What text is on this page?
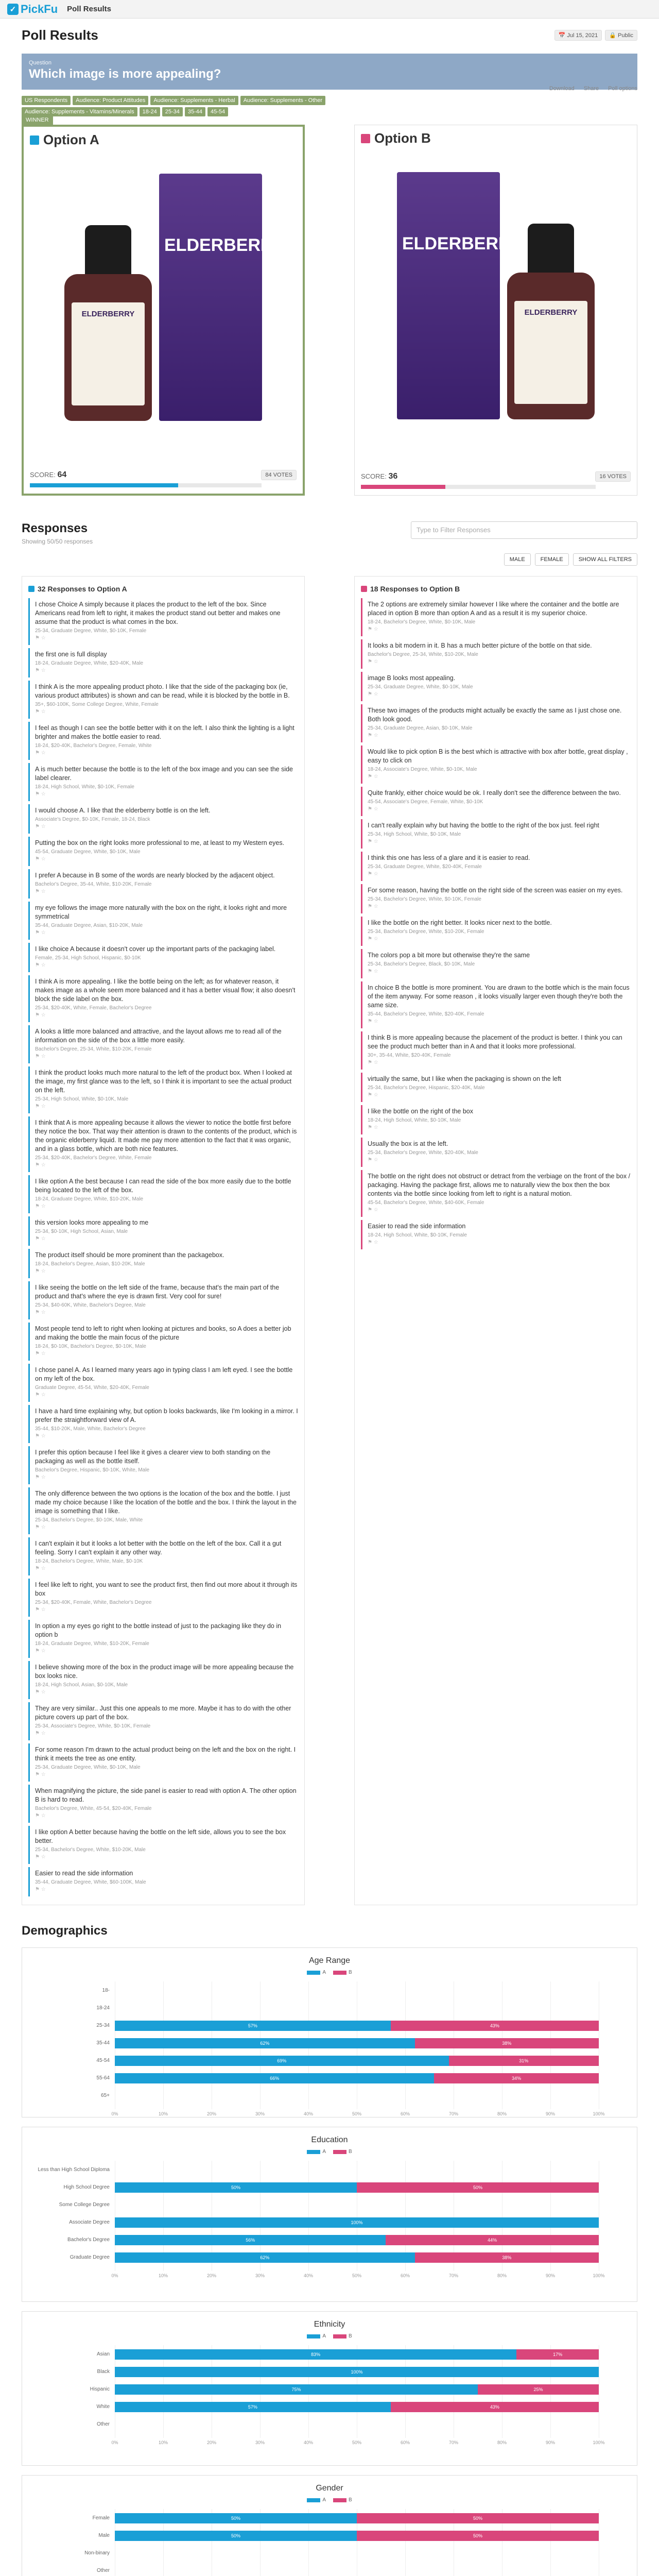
✓ PickFu Poll Results
Poll Results	📅 Jul 15, 2021	🔒 Public
Question
Which image is more appealing?
US Respondents	Audience: Product Attitudes	Audience: Supplements - Herbal	Audience: Supplements - Other
Audience: Supplements - Vitamins/Minerals	18-24	25-34	35-44	45-54
Download Share Poll options
WINNER
Option A
ELDERBERRY
ELDERBERRY
SCORE: 64	84 VOTES
Option B
ELDERBERRY
ELDERBERRY
SCORE: 36	16 VOTES
Responses
Showing 50/50 responses
Type to Filter Responses
MALE	FEMALE	SHOW ALL FILTERS
32 Responses to Option A
I chose Choice A simply because it places the product to the left of the box. Since Americans read from left to right, it makes the product stand out better and makes one assume that the product is what comes in the box.
25-34, Graduate Degree, White, $0-10K, Female
⚑ ☆
the first one is full display
18-24, Graduate Degree, White, $20-40K, Male
⚑ ☆
I think A is the more appealing product photo. I like that the side of the packaging box (ie, various product attributes) is shown and can be read, while it is blocked by the bottle in B.
35+, $60-100K, Some College Degree, White, Female
⚑ ☆
I feel as though I can see the bottle better with it on the left. I also think the lighting is a light brighter and makes the bottle easier to read.
18-24, $20-40K, Bachelor's Degree, Female, White
⚑ ☆
A is much better because the bottle is to the left of the box image and you can see the side label clearer.
18-24, High School, White, $0-10K, Female
⚑ ☆
I would choose A. I like that the elderberry bottle is on the left.
Associate's Degree, $0-10K, Female, 18-24, Black
⚑ ☆
Putting the box on the right looks more professional to me, at least to my Western eyes.
45-54, Graduate Degree, White, $0-10K, Male
⚑ ☆
I prefer A because in B some of the words are nearly blocked by the adjacent object.
Bachelor's Degree, 35-44, White, $10-20K, Female
⚑ ☆
my eye follows the image more naturally with the box on the right, it looks right and more symmetrical
35-44, Graduate Degree, Asian, $10-20K, Male
⚑ ☆
I like choice A because it doesn't cover up the important parts of the packaging label.
Female, 25-34, High School, Hispanic, $0-10K
⚑ ☆
I think A is more appealing. I like the bottle being on the left; as for whatever reason, it makes image as a whole seem more balanced and it has a better visual flow; it also doesn't block the side label on the box.
25-34, $20-40K, White, Female, Bachelor's Degree
⚑ ☆
A looks a little more balanced and attractive, and the layout allows me to read all of the information on the side of the box a little more easily.
Bachelor's Degree, 25-34, White, $10-20K, Female
⚑ ☆
I think the product looks much more natural to the left of the product box. When I looked at the image, my first glance was to the left, so I think it is important to see the actual product on the left.
25-34, High School, White, $0-10K, Male
⚑ ☆
I think that A is more appealing because it allows the viewer to notice the bottle first before they notice the box. That way their attention is drawn to the contents of the product, which is the organic elderberry liquid. It made me pay more attention to the fact that it was organic, and in a glass bottle, which are both nice features.
25-34, $20-40K, Bachelor's Degree, White, Female
⚑ ☆
I like option A the best because I can read the side of the box more easily due to the bottle being located to the left of the box.
18-24, Graduate Degree, White, $10-20K, Male
⚑ ☆
this version looks more appealing to me
25-34, $0-10K, High School, Asian, Male
⚑ ☆
The product itself should be more prominent than the packagebox.
18-24, Bachelor's Degree, Asian, $10-20K, Male
⚑ ☆
I like seeing the bottle on the left side of the frame, because that's the main part of the product and that's where the eye is drawn first. Very cool for sure!
25-34, $40-60K, White, Bachelor's Degree, Male
⚑ ☆
Most people tend to left to right when looking at pictures and books, so A does a better job and making the bottle the main focus of the picture
18-24, $0-10K, Bachelor's Degree, $0-10K, Male
⚑ ☆
I chose panel A. As I learned many years ago in typing class I am left eyed. I see the bottle on my left of the box.
Graduate Degree, 45-54, White, $20-40K, Female
⚑ ☆
I have a hard time explaining why, but option b looks backwards, like I'm looking in a mirror. I prefer the straightforward view of A.
35-44, $10-20K, Male, White, Bachelor's Degree
⚑ ☆
I prefer this option because I feel like it gives a clearer view to both standing on the packaging as well as the bottle itself.
Bachelor's Degree, Hispanic, $0-10K, White, Male
⚑ ☆
The only difference between the two options is the location of the box and the bottle. I just made my choice because I like the location of the bottle and the box. I think the layout in the image is something that I like.
25-34, Bachelor's Degree, $0-10K, Male, White
⚑ ☆
I can't explain it but it looks a lot better with the bottle on the left of the box. Call it a gut feeling. Sorry I can't explain it any other way.
18-24, Bachelor's Degree, White, Male, $0-10K
⚑ ☆
I feel like left to right, you want to see the product first, then find out more about it through its box
25-34, $20-40K, Female, White, Bachelor's Degree
⚑ ☆
In option a my eyes go right to the bottle instead of just to the packaging like they do in option b
18-24, Graduate Degree, White, $10-20K, Female
⚑ ☆
I believe showing more of the box in the product image will be more appealing because the box looks nice.
18-24, High School, Asian, $0-10K, Male
⚑ ☆
They are very similar.. Just this one appeals to me more. Maybe it has to do with the other picture covers up part of the box.
25-34, Associate's Degree, White, $0-10K, Female
⚑ ☆
For some reason I'm drawn to the actual product being on the left and the box on the right. I think it meets the tree as one entity.
25-34, Graduate Degree, White, $0-10K, Male
⚑ ☆
When magnifying the picture, the side panel is easier to read with option A. The other option B is hard to read.
Bachelor's Degree, White, 45-54, $20-40K, Female
⚑ ☆
I like option A better because having the bottle on the left side, allows you to see the box better.
25-34, Bachelor's Degree, White, $10-20K, Male
⚑ ☆
Easier to read the side information
35-44, Graduate Degree, White, $60-100K, Male
⚑ ☆
18 Responses to Option B
The 2 options are extremely similar however I like where the container and the bottle are placed in option B more than option A and as a result it is my superior choice.
18-24, Bachelor's Degree, White, $0-10K, Male
⚑ ☆
It looks a bit modern in it. B has a much better picture of the bottle on that side.
Bachelor's Degree, 25-34, White, $10-20K, Male
⚑ ☆
image B looks most appealing.
25-34, Graduate Degree, White, $0-10K, Male
⚑ ☆
These two images of the products might actually be exactly the same as I just chose one. Both look good.
25-34, Graduate Degree, Asian, $0-10K, Male
⚑ ☆
Would like to pick option B is the best which is attractive with box after bottle, great display , easy to click on
18-24, Associate's Degree, White, $0-10K, Male
⚑ ☆
Quite frankly, either choice would be ok. I really don't see the difference between the two.
45-54, Associate's Degree, Female, White, $0-10K
⚑ ☆
I can't really explain why but having the bottle to the right of the box just. feel right
25-34, High School, White, $0-10K, Male
⚑ ☆
I think this one has less of a glare and it is easier to read.
25-34, Graduate Degree, White, $20-40K, Female
⚑ ☆
For some reason, having the bottle on the right side of the screen was easier on my eyes.
25-34, Bachelor's Degree, White, $0-10K, Female
⚑ ☆
I like the bottle on the right better. It looks nicer next to the bottle.
25-34, Bachelor's Degree, White, $10-20K, Female
⚑ ☆
The colors pop a bit more but otherwise they're the same
25-34, Bachelor's Degree, Black, $0-10K, Male
⚑ ☆
In choice B the bottle is more prominent. You are drawn to the bottle which is the main focus of the item anyway. For some reason , it looks visually larger even though they're both the same size.
35-44, Bachelor's Degree, White, $20-40K, Female
⚑ ☆
I think B is more appealing because the placement of the product is better. I think you can see the product much better than in A and that it looks more professional.
30+, 35-44, White, $20-40K, Female
⚑ ☆
virtually the same, but I like when the packaging is shown on the left
25-34, Bachelor's Degree, Hispanic, $20-40K, Male
⚑ ☆
I like the bottle on the right of the box
18-24, High School, White, $0-10K, Male
⚑ ☆
Usually the box is at the left.
25-34, Bachelor's Degree, White, $20-40K, Male
⚑ ☆
The bottle on the right does not obstruct or detract from the verbiage on the front of the box / packaging. Having the package first, allows me to naturally view the box then the box contents via the bottle since looking from left to right is a natural motion.
45-54, Bachelor's Degree, White, $40-60K, Female
⚑ ☆
Easier to read the side information
18-24, High School, White, $0-10K, Female
⚑ ☆
Demographics
Age Range
A	B
0%	10%	20%	30%	40%	50%	60%	70%	80%	90%	100%
18-
18-24
25-34	57%	43%
35-44	62%	38%
45-54	69%	31%
55-64	66%	34%
65+
Education
A	B
0%	10%	20%	30%	40%	50%	60%	70%	80%	90%	100%
Less than High School Diploma
High School Degree	50%	50%
Some College Degree
Associate Degree	100%
Bachelor's Degree	56%	44%
Graduate Degree	62%	38%
Ethnicity
A	B
0%	10%	20%	30%	40%	50%	60%	70%	80%	90%	100%
Asian	83%	17%
Black	100%
Hispanic	75%	25%
White	57%	43%
Other
Gender
A	B
Female	50%	50%
Male	50%	50%
Non-binary
Other
